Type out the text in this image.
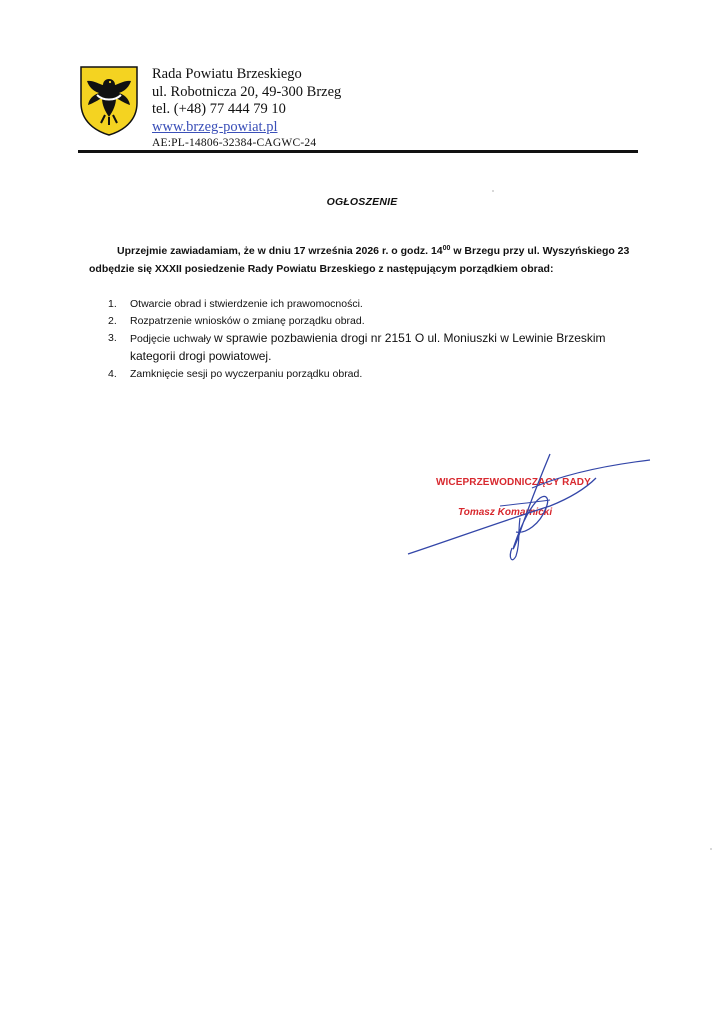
Rada Powiatu Brzeskiego
ul. Robotnicza 20, 49-300 Brzeg
tel. (+48) 77 444 79 10
www.brzeg-powiat.pl
AE:PL-14806-32384-CAGWC-24
OGŁOSZENIE
Uprzejmie zawiadamiam, że w dniu 17 września 2026 r. o godz. $14^{00}$ w Brzegu przy ul. Wyszyńskiego 23
odbędzie się XXXII posiedzenie Rady Powiatu Brzeskiego z następującym porządkiem obrad:
1. Otwarcie obrad i stwierdzenie ich prawomocności.
2. Rozpatrzenie wniosków o zmianę porządku obrad.
3. Podjęcie uchwały w sprawie pozbawienia drogi nr 2151 O ul. Moniuszki w Lewinie Brzeskim kategorii drogi powiatowej.
4. Zamknięcie sesji po wyczerpaniu porządku obrad.
WICEPRZEWODNICZĄCY RADY
Tomasz Komarnicki
